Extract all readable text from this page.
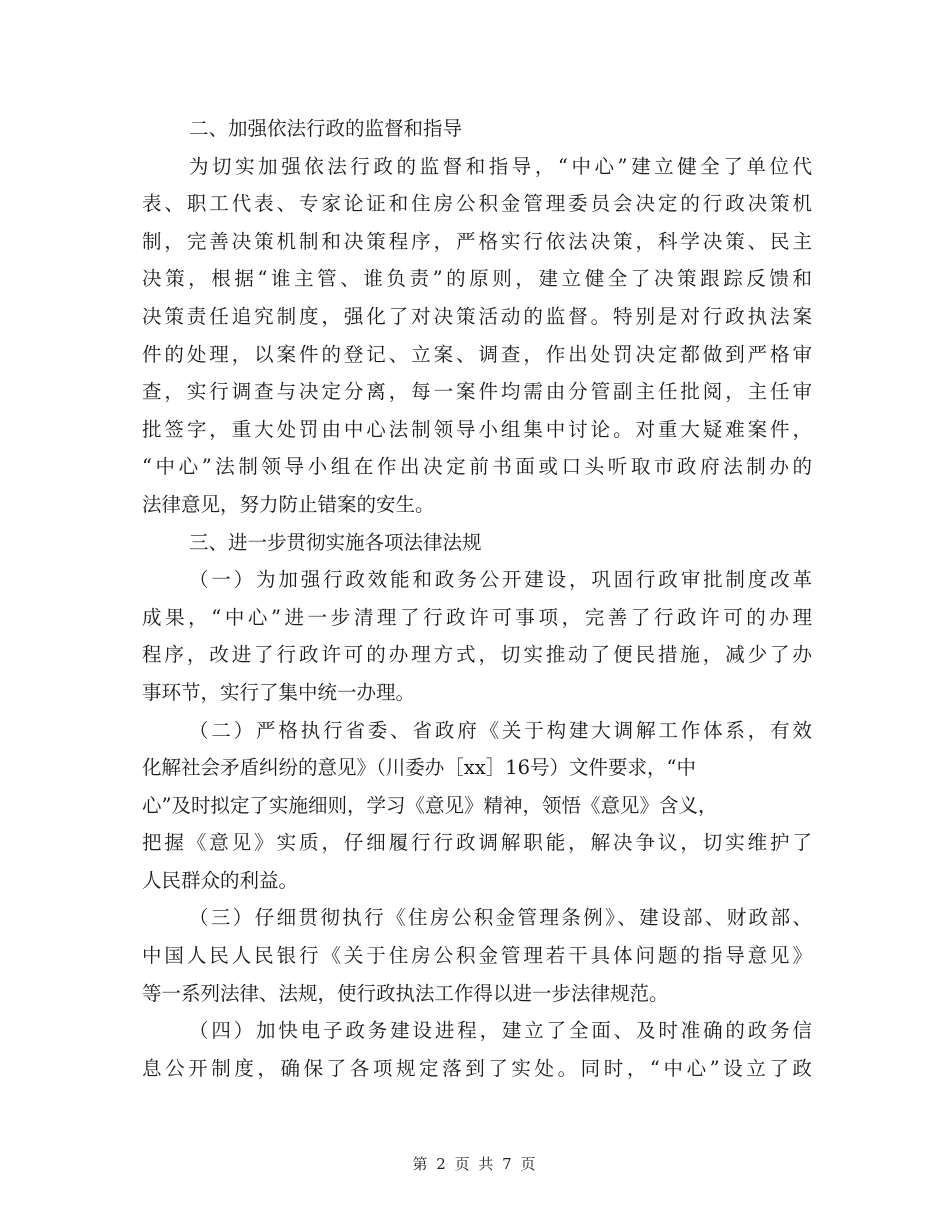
二、加强依法行政的监督和指导
为切实加强依法行政的监督和指导，“中心”建立健全了单位代
表、职工代表、专家论证和住房公积金管理委员会决定的行政决策机
制，完善决策机制和决策程序，严格实行依法决策，科学决策、民主
决策，根据“谁主管、谁负责”的原则，建立健全了决策跟踪反馈和
决策责任追究制度，强化了对决策活动的监督。特别是对行政执法案
件的处理，以案件的登记、立案、调查，作出处罚决定都做到严格审
查，实行调查与决定分离，每一案件均需由分管副主任批阅，主任审
批签字，重大处罚由中心法制领导小组集中讨论。对重大疑难案件，
“中心”法制领导小组在作出决定前书面或口头听取市政府法制办的
法律意见，努力防止错案的安生。
三、进一步贯彻实施各项法律法规
（一）为加强行政效能和政务公开建设，巩固行政审批制度改革
成果，“中心”进一步清理了行政许可事项，完善了行政许可的办理
程序，改进了行政许可的办理方式，切实推动了便民措施，减少了办
事环节，实行了集中统一办理。
（二）严格执行省委、省政府《关于构建大调解工作体系，有效
化解社会矛盾纠纷的意见》（川委办［xx］16号）文件要求，“中
心”及时拟定了实施细则，学习《意见》精神，领悟《意见》含义，
把握《意见》实质，仔细履行行政调解职能，解决争议，切实维护了
人民群众的利益。
（三）仔细贯彻执行《住房公积金管理条例》、建设部、财政部、
中国人民人民银行《关于住房公积金管理若干具体问题的指导意见》
等一系列法律、法规，使行政执法工作得以进一步法律规范。
（四）加快电子政务建设进程，建立了全面、及时准确的政务信
息公开制度，确保了各项规定落到了实处。同时，“中心”设立了政
第 2 页 共 7 页
